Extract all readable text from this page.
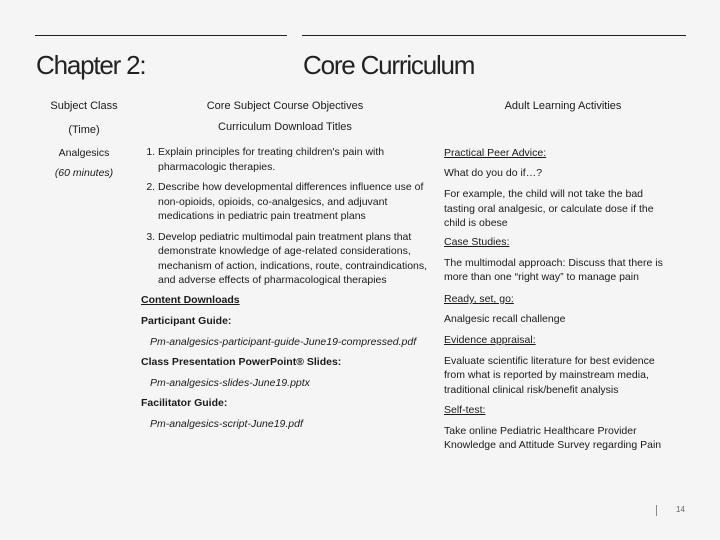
Chapter 2:	Core Curriculum
Subject Class
(Time)
Core Subject Course Objectives
Curriculum Download Titles
Adult Learning Activities
Analgesics
(60 minutes)
1. Explain principles for treating children's pain with pharmacologic therapies.
2. Describe how developmental differences influence use of non-opioids, opioids, co-analgesics, and adjuvant medications in pediatric pain treatment plans
3. Develop pediatric multimodal pain treatment plans that demonstrate knowledge of age-related considerations, mechanism of action, indications, route, contraindications, and adverse effects of pharmacological therapies
Content Downloads
Participant Guide:
Pm-analgesics-participant-guide-June19-compressed.pdf
Class Presentation PowerPoint® Slides:
Pm-analgesics-slides-June19.pptx
Facilitator Guide:
Pm-analgesics-script-June19.pdf

Practical Peer Advice:

What do you do if…?

For example, the child will not take the bad tasting oral analgesic, or calculate dose if the child is obese

Case Studies:

The multimodal approach: Discuss that there is more than one “right way” to manage pain

Ready, set, go:

Analgesic recall challenge

Evidence appraisal:

Evaluate scientific literature for best evidence from what is reported by mainstream media, traditional clinical risk/benefit analysis

Self-test:

Take online Pediatric Healthcare Provider Knowledge and Attitude Survey regarding Pain

14
